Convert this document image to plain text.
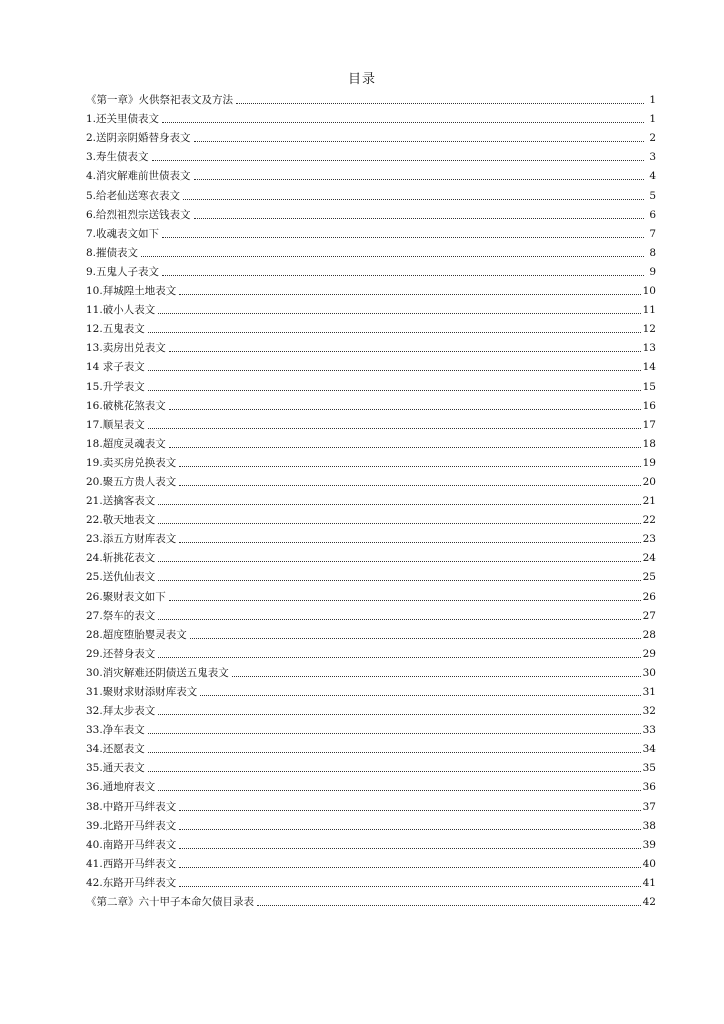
目录
《第一章》火供祭祀表文及方法	1
1.还关里债表文	1
2.送阴亲阴婚替身表文	2
3.寿生债表文	3
4.消灾解难前世债表文	4
5.给老仙送寒衣表文	5
6.给烈祖烈宗送钱表文	6
7.收魂表文如下	7
8.摧债表文	8
9.五鬼人子表文	9
10.拜城隍土地表文	10
11.破小人表文	11
12.五鬼表文	12
13.卖房出兑表文	13
14 求子表文	14
15.升学表文	15
16.破桃花煞表文	16
17.顺星表文	17
18.超度灵魂表文	18
19.卖买房兑换表文	19
20.聚五方贵人表文	20
21.送擒客表文	21
22.敬天地表文	22
23.添五方财库表文	23
24.斩挑花表文	24
25.送仇仙表文	25
26.聚财表文如下	26
27.祭车的表文	27
28.超度堕胎婴灵表文	28
29.还替身表文	29
30.消灾解难还阴债送五鬼表文	30
31.聚财求财添财库表文	31
32.拜太步表文	32
33.净车表文	33
34.还愿表文	34
35.通天表文	35
36.通地府表文	36
38.中路开马绊表文	37
39.北路开马绊表文	38
40.南路开马绊表文	39
41.西路开马绊表文	40
42.东路开马绊表文	41
《第二章》六十甲子本命欠债目录表	42
